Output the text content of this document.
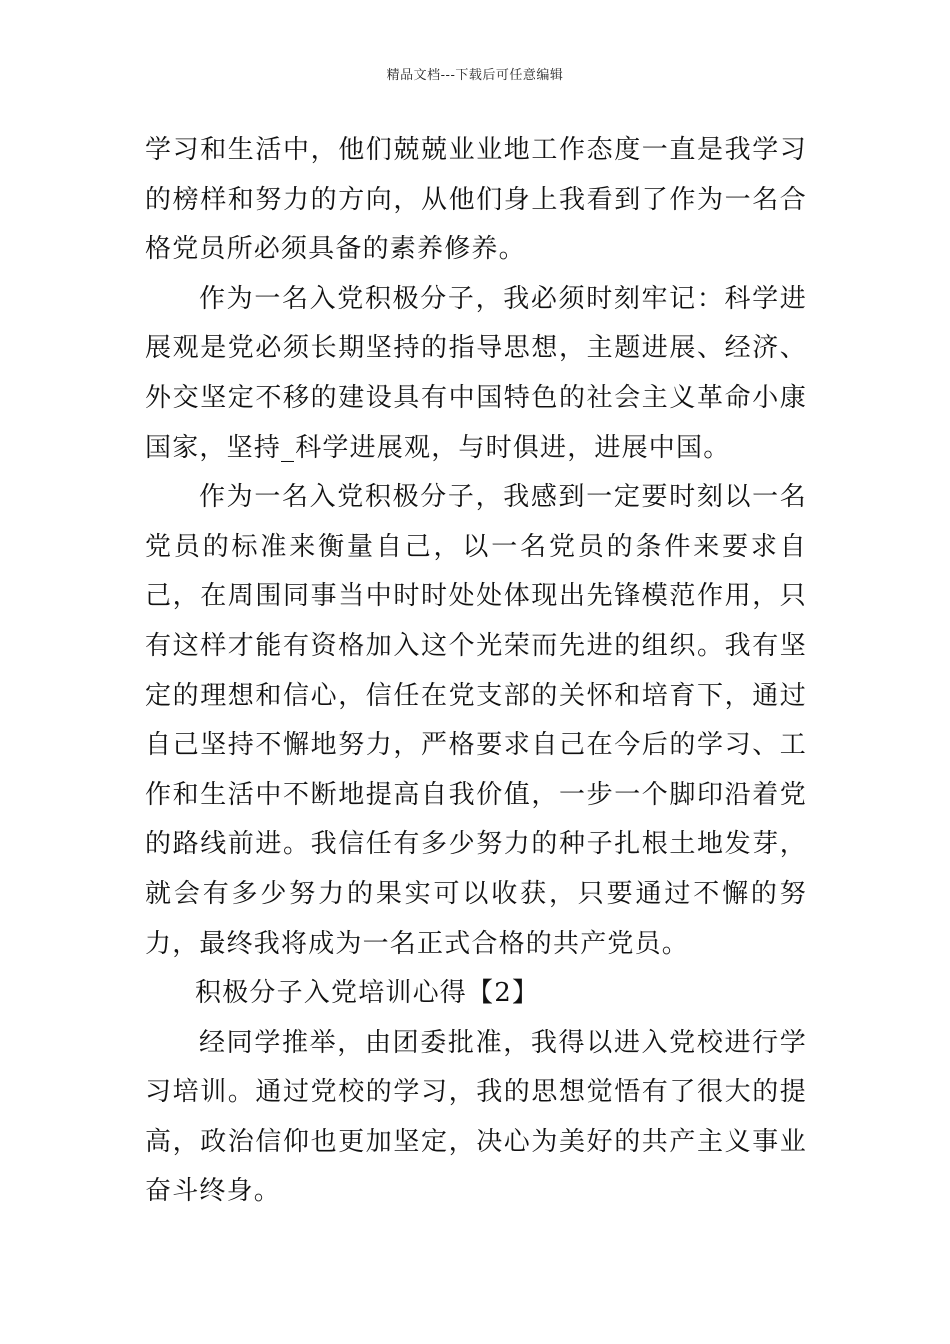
精品文档---下载后可任意编辑

学习和生活中，他们兢兢业业地工作态度一直是我学习的榜样和努力的方向，从他们身上我看到了作为一名合格党员所必须具备的素养修养。

作为一名入党积极分子，我必须时刻牢记：科学进展观是党必须长期坚持的指导思想，主题进展、经济、外交坚定不移的建设具有中国特色的社会主义革命小康国家，坚持_科学进展观，与时俱进，进展中国。

作为一名入党积极分子，我感到一定要时刻以一名党员的标准来衡量自己，以一名党员的条件来要求自己，在周围同事当中时时处处体现出先锋模范作用，只有这样才能有资格加入这个光荣而先进的组织。我有坚定的理想和信心，信任在党支部的关怀和培育下，通过自己坚持不懈地努力，严格要求自己在今后的学习、工作和生活中不断地提高自我价值，一步一个脚印沿着党的路线前进。我信任有多少努力的种子扎根土地发芽，就会有多少努力的果实可以收获，只要通过不懈的努力，最终我将成为一名正式合格的共产党员。

积极分子入党培训心得【2】

经同学推举，由团委批准，我得以进入党校进行学习培训。通过党校的学习，我的思想觉悟有了很大的提高，政治信仰也更加坚定，决心为美好的共产主义事业奋斗终身。
